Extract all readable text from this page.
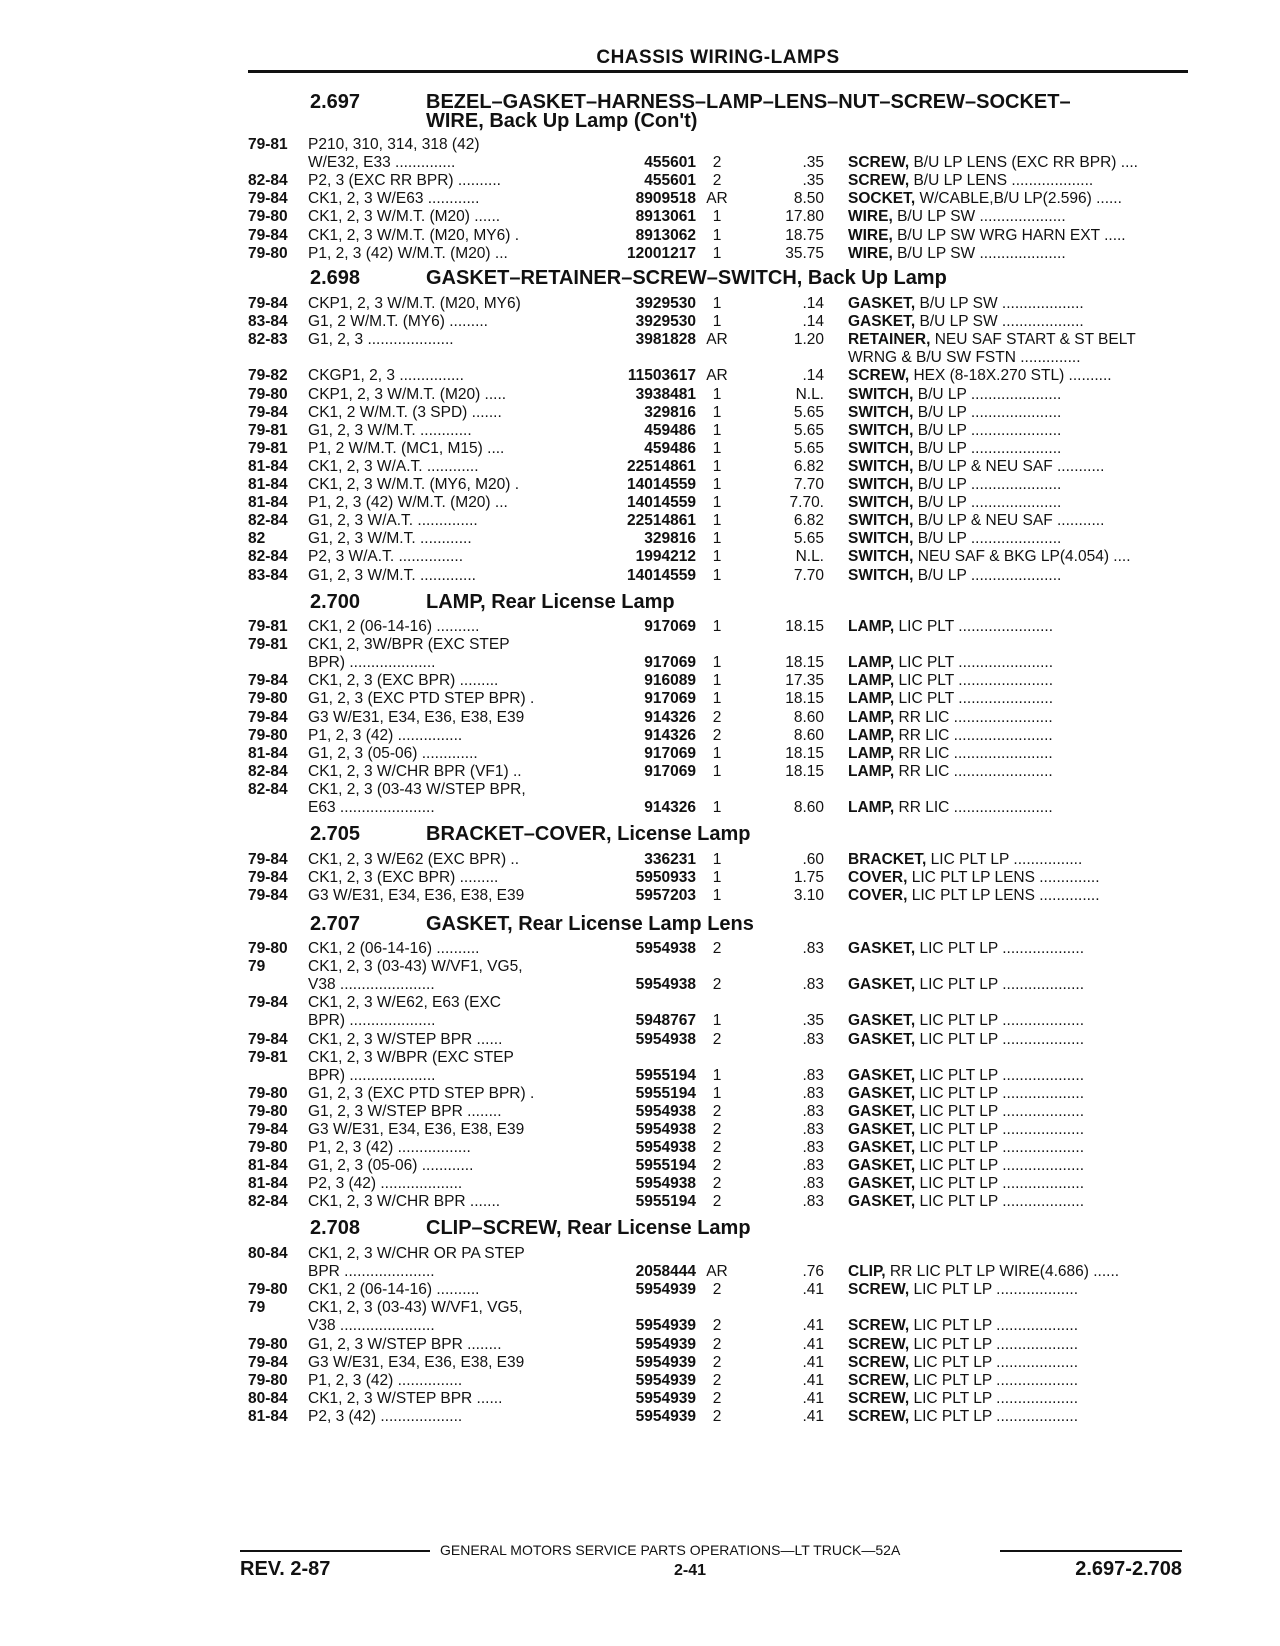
CHASSIS WIRING-LAMPS
2.697	BEZEL–GASKET–HARNESS–LAMP–LENS–NUT–SCREW–SOCKET–
WIRE, Back Up Lamp (Con't)
79-81 P210, 310, 314, 318 (42)
W/E32, E33 ..............	455601	2	.35 SCREW, B/U LP LENS (EXC RR BPR) ....
82-84 P2, 3 (EXC RR BPR) ..........	455601	2	.35 SCREW, B/U LP LENS ...................
79-84 CK1, 2, 3 W/E63 ............	8909518 AR	8.50 SOCKET, W/CABLE,B/U LP(2.596) ......
79-80 CK1, 2, 3 W/M.T. (M20) ......	8913061	1	17.80 WIRE, B/U LP SW ....................
79-84 CK1, 2, 3 W/M.T. (M20, MY6) .	8913062	1	18.75 WIRE, B/U LP SW WRG HARN EXT .....
79-80 P1, 2, 3 (42) W/M.T. (M20) ...	12001217	1	35.75 WIRE, B/U LP SW ....................
2.698	GASKET–RETAINER–SCREW–SWITCH, Back Up Lamp
79-84 CKP1, 2, 3 W/M.T. (M20, MY6)	3929530	1	.14 GASKET, B/U LP SW ...................
83-84 G1, 2 W/M.T. (MY6) .........	3929530	1	.14 GASKET, B/U LP SW ...................
82-83 G1, 2, 3 ....................	3981828 AR	1.20 RETAINER, NEU SAF START & ST BELT
WRNG & B/U SW FSTN ..............
79-82 CKGP1, 2, 3 ...............	11503617 AR	.14 SCREW, HEX (8-18X.270 STL) ..........
79-80 CKP1, 2, 3 W/M.T. (M20) .....	3938481	1	N.L. SWITCH, B/U LP .....................
79-84 CK1, 2 W/M.T. (3 SPD) .......	329816	1	5.65 SWITCH, B/U LP .....................
79-81 G1, 2, 3 W/M.T. ............	459486	1	5.65 SWITCH, B/U LP .....................
79-81 P1, 2 W/M.T. (MC1, M15) ....	459486	1	5.65 SWITCH, B/U LP .....................
81-84 CK1, 2, 3 W/A.T. ............	22514861	1	6.82 SWITCH, B/U LP & NEU SAF ...........
81-84 CK1, 2, 3 W/M.T. (MY6, M20) .	14014559	1	7.70 SWITCH, B/U LP .....................
81-84 P1, 2, 3 (42) W/M.T. (M20) ...	14014559	1	7.70. SWITCH, B/U LP .....................
82-84 G1, 2, 3 W/A.T. ..............	22514861	1	6.82 SWITCH, B/U LP & NEU SAF ...........
82	G1, 2, 3 W/M.T. ............	329816	1	5.65 SWITCH, B/U LP .....................
82-84 P2, 3 W/A.T. ...............	1994212	1	N.L. SWITCH, NEU SAF & BKG LP(4.054) ....
83-84 G1, 2, 3 W/M.T. .............	14014559	1	7.70 SWITCH, B/U LP .....................
2.700	LAMP, Rear License Lamp
79-81 CK1, 2 (06-14-16) ..........	917069	1	18.15 LAMP, LIC PLT ......................
79-81 CK1, 2, 3W/BPR (EXC STEP
BPR) ....................	917069	1	18.15 LAMP, LIC PLT ......................
79-84 CK1, 2, 3 (EXC BPR) .........	916089	1	17.35 LAMP, LIC PLT ......................
79-80 G1, 2, 3 (EXC PTD STEP BPR) .	917069	1	18.15 LAMP, LIC PLT ......................
79-84 G3 W/E31, E34, E36, E38, E39	914326	2	8.60 LAMP, RR LIC .......................
79-80 P1, 2, 3 (42) ...............	914326	2	8.60 LAMP, RR LIC .......................
81-84 G1, 2, 3 (05-06) .............	917069	1	18.15 LAMP, RR LIC .......................
82-84 CK1, 2, 3 W/CHR BPR (VF1) ..	917069	1	18.15 LAMP, RR LIC .......................
82-84 CK1, 2, 3 (03-43 W/STEP BPR,
E63 ......................	914326	1	8.60 LAMP, RR LIC .......................
2.705	BRACKET–COVER, License Lamp
79-84 CK1, 2, 3 W/E62 (EXC BPR) ..	336231	1	.60 BRACKET, LIC PLT LP ................
79-84 CK1, 2, 3 (EXC BPR) .........	5950933	1	1.75 COVER, LIC PLT LP LENS ..............
79-84 G3 W/E31, E34, E36, E38, E39	5957203	1	3.10 COVER, LIC PLT LP LENS ..............
2.707	GASKET, Rear License Lamp Lens
79-80 CK1, 2 (06-14-16) ..........	5954938	2	.83 GASKET, LIC PLT LP ...................
79	CK1, 2, 3 (03-43) W/VF1, VG5,
V38 ......................	5954938	2	.83 GASKET, LIC PLT LP ...................
79-84 CK1, 2, 3 W/E62, E63 (EXC
BPR) ....................	5948767	1	.35 GASKET, LIC PLT LP ...................
79-84 CK1, 2, 3 W/STEP BPR ......	5954938	2	.83 GASKET, LIC PLT LP ...................
79-81 CK1, 2, 3 W/BPR (EXC STEP
BPR) ....................	5955194	1	.83 GASKET, LIC PLT LP ...................
79-80 G1, 2, 3 (EXC PTD STEP BPR) .	5955194	1	.83 GASKET, LIC PLT LP ...................
79-80 G1, 2, 3 W/STEP BPR ........	5954938	2	.83 GASKET, LIC PLT LP ...................
79-84 G3 W/E31, E34, E36, E38, E39	5954938	2	.83 GASKET, LIC PLT LP ...................
79-80 P1, 2, 3 (42) .................	5954938	2	.83 GASKET, LIC PLT LP ...................
81-84 G1, 2, 3 (05-06) ............	5955194	2	.83 GASKET, LIC PLT LP ...................
81-84 P2, 3 (42) ...................	5954938	2	.83 GASKET, LIC PLT LP ...................
82-84 CK1, 2, 3 W/CHR BPR .......	5955194	2	.83 GASKET, LIC PLT LP ...................
2.708	CLIP–SCREW, Rear License Lamp
80-84 CK1, 2, 3 W/CHR OR PA STEP
BPR .....................	2058444 AR	.76 CLIP, RR LIC PLT LP WIRE(4.686) ......
79-80 CK1, 2 (06-14-16) ..........	5954939	2	.41 SCREW, LIC PLT LP ...................
79	CK1, 2, 3 (03-43) W/VF1, VG5,
V38 ......................	5954939	2	.41 SCREW, LIC PLT LP ...................
79-80 G1, 2, 3 W/STEP BPR ........	5954939	2	.41 SCREW, LIC PLT LP ...................
79-84 G3 W/E31, E34, E36, E38, E39	5954939	2	.41 SCREW, LIC PLT LP ...................
79-80 P1, 2, 3 (42) ...............	5954939	2	.41 SCREW, LIC PLT LP ...................
80-84 CK1, 2, 3 W/STEP BPR ......	5954939	2	.41 SCREW, LIC PLT LP ...................
81-84 P2, 3 (42) ...................	5954939	2	.41 SCREW, LIC PLT LP ...................
GENERAL MOTORS SERVICE PARTS OPERATIONS—LT TRUCK—52A
REV. 2-87	2-41	2.697-2.708
